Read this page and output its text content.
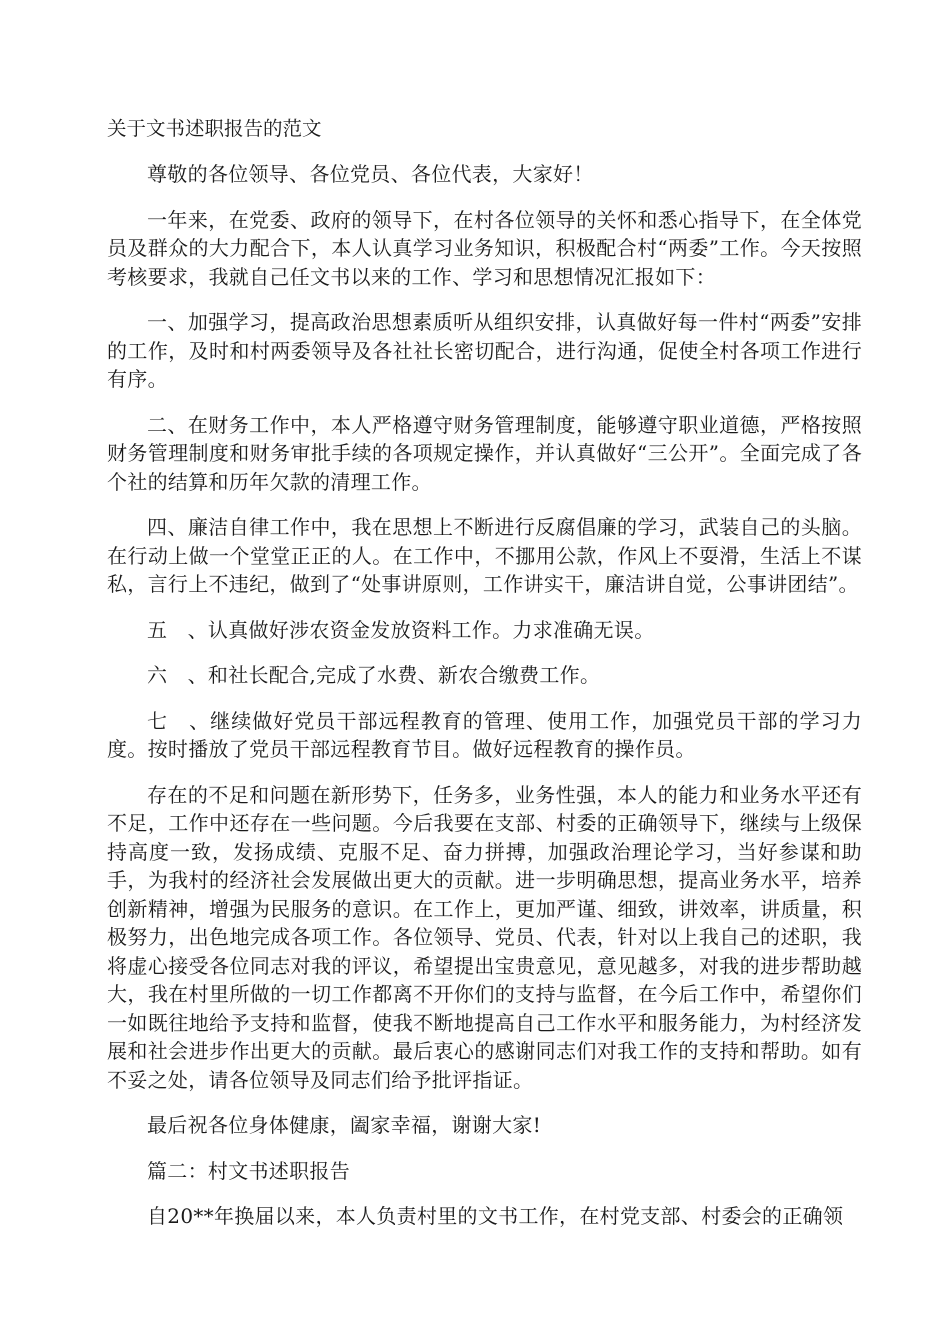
关于文书述职报告的范文

尊敬的各位领导、各位党员、各位代表，大家好！

一年来，在党委、政府的领导下，在村各位领导的关怀和悉心指导下，在全体党员及群众的大力配合下，本人认真学习业务知识，积极配合村“两委”工作。今天按照考核要求，我就自己任文书以来的工作、学习和思想情况汇报如下：

一、加强学习，提高政治思想素质听从组织安排，认真做好每一件村“两委”安排的工作，及时和村两委领导及各社社长密切配合，进行沟通，促使全村各项工作进行有序。

二、在财务工作中，本人严格遵守财务管理制度，能够遵守职业道德，严格按照财务管理制度和财务审批手续的各项规定操作，并认真做好“三公开”。全面完成了各个社的结算和历年欠款的清理工作。

四、廉洁自律工作中，我在思想上不断进行反腐倡廉的学习，武装自己的头脑。在行动上做一个堂堂正正的人。在工作中，不挪用公款，作风上不耍滑，生活上不谋私，言行上不违纪，做到了“处事讲原则，工作讲实干，廉洁讲自觉，公事讲团结”。

五　、认真做好涉农资金发放资料工作。力求准确无误。

六　、和社长配合,完成了水费、新农合缴费工作。

七　、继续做好党员干部远程教育的管理、使用工作，加强党员干部的学习力度。按时播放了党员干部远程教育节目。做好远程教育的操作员。

存在的不足和问题在新形势下，任务多，业务性强，本人的能力和业务水平还有不足，工作中还存在一些问题。今后我要在支部、村委的正确领导下，继续与上级保持高度一致，发扬成绩、克服不足、奋力拼搏，加强政治理论学习，当好参谋和助手，为我村的经济社会发展做出更大的贡献。进一步明确思想，提高业务水平，培养创新精神，增强为民服务的意识。在工作上，更加严谨、细致，讲效率，讲质量，积极努力，出色地完成各项工作。各位领导、党员、代表，针对以上我自己的述职，我将虚心接受各位同志对我的评议，希望提出宝贵意见，意见越多，对我的进步帮助越大，我在村里所做的一切工作都离不开你们的支持与监督，在今后工作中，希望你们一如既往地给予支持和监督，使我不断地提高自己工作水平和服务能力，为村经济发展和社会进步作出更大的贡献。最后衷心的感谢同志们对我工作的支持和帮助。如有不妥之处，请各位领导及同志们给予批评指证。

最后祝各位身体健康，阖家幸福，谢谢大家!

篇二：村文书述职报告

自20**年换届以来，本人负责村里的文书工作，在村党支部、村委会的正确领
